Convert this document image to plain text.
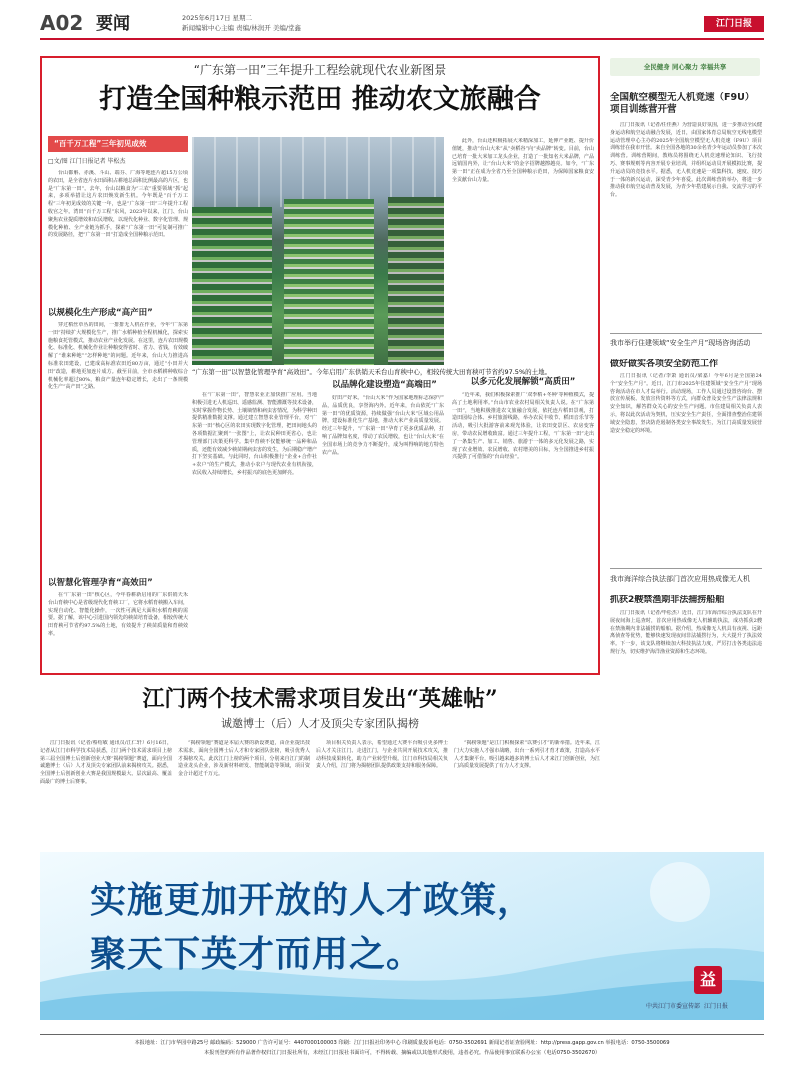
A02 要闻	2025年6月17日 星期二
新闻编辑中心主编 责编/林润开 美编/堂鑫	江门日报
“广东第一田”三年提升工程绘就现代农业新图景
打造全国种粮示范田 推动农文旅融合
“百千万工程”三年初见成效
□文/图 江门日报记者 毕松杰
“广东第一田”以智慧化管理孕育“高效田”。今年启用广东供销天禾台山育秧中心，相较传统大田育秧可节省约97.5%的土地。
台山都斛、赤溪、斗山、端芬、广海等地连片超15万公顷的农田，是全省连片水田面积占耕地总面积比例最高的片区，也是“广东第一田”。去年，台山以粮食为“三农”重要领域“抓”起来，多项举措让这片农田焕发新生机。今年既是“百千万工程”三年初见成效的关键一年，也是“广东第一田”三年提升工程收官之年。湾田“百千万工程”东风，2023年以来，江门、台山聚焦农业提质增效和农民增收，以现代化种业、数字化管理、规模化种植、全产业链为抓手，探索“广东第一田”可复制可推广的发展路径，把“广东第一田”打造成全国种粮示范田。
以规模化生产形成“高产田”
穿过稻丝草丛的田间，一排排无人机在作业，今年“广东第一田”持续扩大规模化生产，推广水稻种植全程机械化，探索实施粮食托管模式，推动农业产业化发展。在这里，连片农田规模化、标准化、机械化作业让种粮变得省时、省力、省钱，有效破解了“谁来种地”“怎样种地”的问题。近年来，台山大力推进高标准农田建设，已建成高标准农田近80万亩，通过“小田并大田”改造，耕地更加连片成方。截至目前，全市水稻耕种收综合机械化率超过80%，粮食产量连年稳定增长，走出了一条规模化生产“高产田”之路。
以智慧化管理孕育“高效田”
在“广东第一田”核心区，今年春耕新启用的广东供销天禾台山育秧中心是省级现代化育秧工厂，它将水稻育秧搬入车间，实现自动化、智能化操作，一次性可满足大面积水稻育秧的需要。据了解，该中心引进国内领先的秧苗培育设备，相较传统大田育秧可节省约97.5%的土地，有效提升了秧苗质量和育秧效率。
在“广东第一田”，智慧农业正加快推广应用。当地积极引进无人机巡田、遥感监测、智能灌溉等技术设备，实时掌握作物长势、土壤墒情和病虫害情况，为科学种田提供精准数据支撑。通过建立智慧农业管理平台，对“广东第一田”核心区的农田实现数字化管理，把田间地头的各项数据汇聚到“一张图”上，让农民种田更省心，也让管理部门决策更科学。集中育秧不仅能够统一品种和品质，还能有效减少秧苗期病虫害的发生，为后期稳产增产打下坚实基础。与此同时，台山积极推行“企业+合作社+农户”的生产模式，推动小农户与现代农业有机衔接，农民收入持续增长，乡村振兴的底色更加鲜亮。
以品牌化建设塑造“高端田”
好田产好米。“台山大米”作为国家地理标志保护产品，品质优良，享誉海内外。近年来，台山依托“广东第一田”的优质资源，持续做强“台山大米”区域公用品牌，建设标准化生产基地，推动大米产业高质量发展。经过三年提升，“广东第一田”孕育了更多优质品种，打响了品牌知名度，带动了农民增收，也让“台山大米”在全国市场上的竞争力不断提升，成为叫得响的地方特色农产品。
此外，台山还积极拓展大米精深加工，延伸产业链、提升价值链，推动“台山大米”从“卖稻谷”向“卖品牌”转变。目前，台山已培育一批大米加工龙头企业，打造了一批知名大米品牌，产品远销国内外，让“台山大米”的金字招牌越擦越亮。如今，“广东第一田”正在成为全省乃至全国种粮示范田，为保障国家粮食安全贡献台山力量。
以多元化发展解锁“高质田”
“近年来，我们积极探索推广‘双季稻+冬种’等种植模式，提高了土地利用率。”台山市农业农村局相关负责人说。在“广东第一田”，当地积极推进农文旅融合发展，依托连片稻田景观，打造田园综合体、乡村旅游线路，举办农民丰收节、稻田音乐节等活动，吸引大批游客前来观光体验，让农田变景区、农房变客房，带动农民增收致富。通过三年提升工程，“广东第一田”走出了一条集生产、加工、销售、旅游于一体的多元化发展之路，实现了农业增效、农民增收、农村增美的目标，为全国推进乡村振兴提供了可借鉴的“台山经验”。
全民健身 同心聚力 幸福共享
全国航空模型无人机竞速（F9U）项目训练营开营
江门日报讯（记者/任佳燕）为营造良好氛围，进一步推动全民健身运动和航空运动融合发展，近日，由国家体育总局航空无线电模型运动管理中心主办的2025年全国航空模型无人机竞速（F9U）项目训练营在我市开营。来自全国各地的30余名青少年运动员参加了本次训练营。训练营期间，教练员将围绕无人机竞速理论知识、飞行技巧、赛事规则等内容开展专业培训，并组织运动员开展模拟比赛，提升运动员的竞技水平。据悉，无人机竞速是一项集科技、速度、技巧于一体的新兴运动，深受青少年喜爱。此次训练营的举办，将进一步推动我市航空运动普及发展，为青少年搭建展示自我、交流学习的平台。
我市举行住建领域“安全生产月”现场咨询活动
做好做实各项安全防范工作
江门日报讯（记者/李萧 通讯员/梁嘉）今年6月是全国第24个“安全生产月”。近日，江门市2025年住建领域“安全生产月”现场咨询活动在市人才岛举行。活动现场，工作人员通过设置咨询台、摆放宣传展板、发放宣传资料等方式，向群众普及安全生产法律法规和安全知识，解答群众关心的安全生产问题。市住建局相关负责人表示，将以此次活动为契机，压实安全生产责任，全面排查整治住建领域安全隐患，坚决防范遏制各类安全事故发生，为江门高质量发展营造安全稳定的环境。
我市海洋综合执法部门首次应用热成像无人机
抓获2艘禁渔期非法捕捞船舶
江门日报讯（记者/毕松杰）近日，江门市海洋综合执法支队在开展夜间海上巡查时，首次应用热成像无人机辅助执法，成功抓获2艘在禁渔期内非法捕捞的船舶。据介绍，热成像无人机具有夜视、远距离侦查等优势，能够快速发现夜间非法捕捞行为，大大提升了执法效率。下一步，该支队将继续加大科技执法力度，严厉打击各类违法违规行为，切实维护海洋渔业资源和生态环境。
江门两个技术需求项目发出“英雄帖”
诚邀博士（后）人才及顶尖专家团队揭榜
江门日报讯（记者/蔡绍敏 通讯员/江仁轩）6月16日，记者从江门市科学技术局获悉，江门两个技术需求项目上榜第三届全国博士后创新创业大赛“揭榜领题”赛道，面向全国诚邀博士（后）人才及顶尖专家团队前来揭榜攻关。据悉，全国博士后创新创业大赛是我国规模最大、层次最高、覆盖面最广的博士后赛事。
“揭榜领题”赛道是本届大赛的新设赛道，由企业提出技术需求，面向全国博士后人才和专家团队张榜，吸引优秀人才揭榜攻关。此次江门上榜的两个项目，分别来自江门的制造业龙头企业，涉及新材料研发、智能制造等领域，项目资金合计超过千万元。
项目相关负责人表示，希望通过大赛平台吸引更多博士后人才关注江门、走进江门，与企业共同开展技术攻关，推动科技成果转化，助力产业转型升级。江门市科技局相关负责人介绍，江门将为揭榜团队提供政策支持和服务保障。
“揭榜领题”是江门积极探索“以赛引才”的新举措。近年来，江门大力实施人才强市战略，出台一系列引才育才政策，打造高水平人才集聚平台，吸引越来越多的博士后人才来江门创新创业，为江门高质量发展提供了有力人才支撑。
实施更加开放的人才政策，
聚天下英才而用之。
益
中共江门市委宣传部 江门日报
本报地址：江门市华园中路25号 邮政编码：529000 广告许可证号：4407000100003 印刷：江门日报社印务中心 印刷质量投诉电话：0750-3502691 新闻记者证查验网址：http://press.gapp.gov.cn 举报电话：0750-3500069
本报刊登的所有作品著作权归江门日报社所有，未经江门日报社书面许可，不得转载、摘编或以其他形式使用，违者必究。作品使用事宜联系办公室（电话0750-3502670）
